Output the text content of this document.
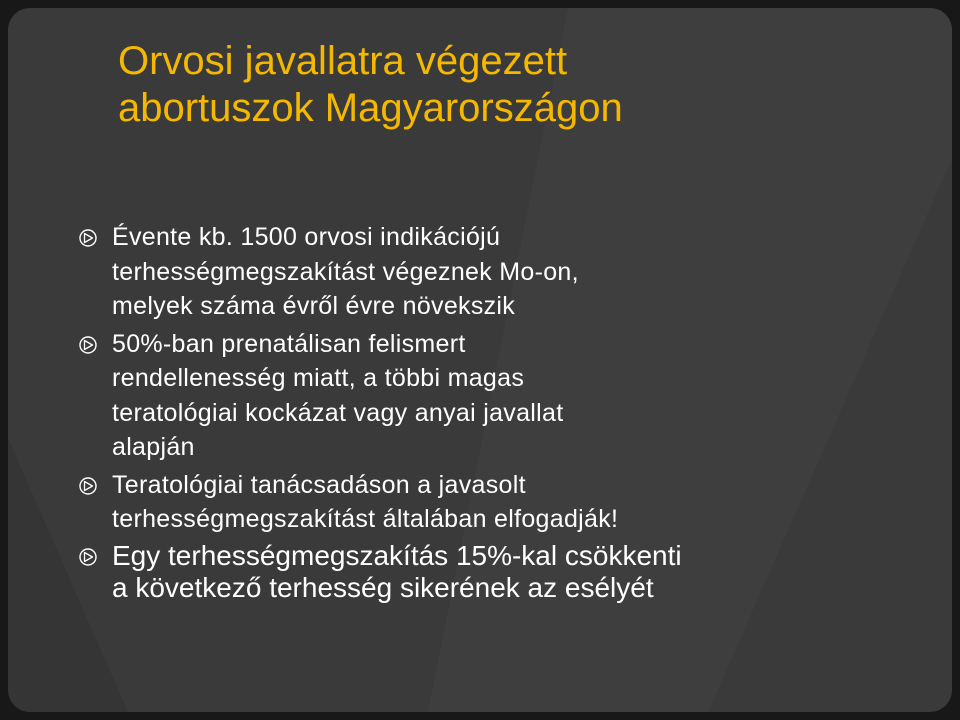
Orvosi javallatra végezett
abortuszok Magyarországon
Évente kb. 1500 orvosi indikációjú
terhességmegszakítást végeznek Mo-on,
melyek száma évről évre növekszik
50%-ban prenatálisan felismert
rendellenesség miatt, a többi magas
teratológiai kockázat vagy anyai javallat
alapján
Teratológiai tanácsadáson a javasolt
terhességmegszakítást általában elfogadják!
Egy terhességmegszakítás 15%-kal csökkenti
a következő terhesség sikerének az esélyét
